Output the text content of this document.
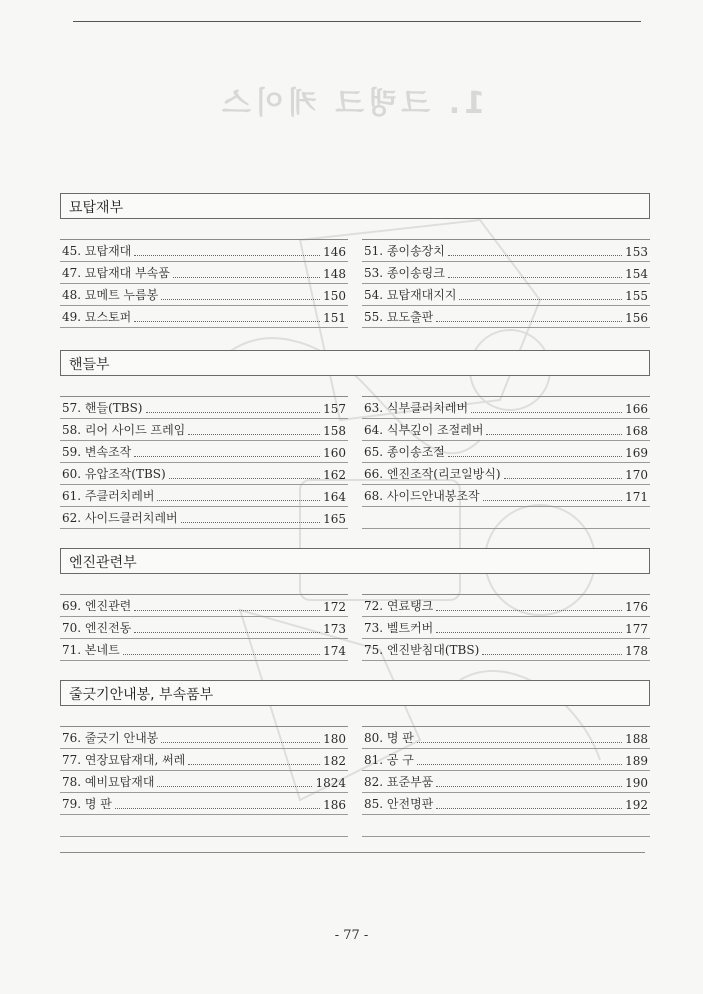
1. 크랭크 케이스
묘탑재부
45. 묘탑재대	146
47. 묘탑재대 부속품	148
48. 묘메트 누름봉	150
49. 묘스토퍼	151
51. 종이송장치	153
53. 종이송링크	154
54. 묘탑재대지지	155
55. 묘도출판	156
핸들부
57. 핸들(TBS)	157
58. 리어 사이드 프레임	158
59. 변속조작	160
60. 유압조작(TBS)	162
61. 주클러치레버	164
62. 사이드클러치레버	165
63. 식부클러치레버	166
64. 식부깊이 조절레버	168
65. 종이송조절	169
66. 엔진조작(리코일방식)	170
68. 사이드안내봉조작	171
엔진관련부
69. 엔진관련	172
70. 엔진전동	173
71. 본네트	174
72. 연료탱크	176
73. 벨트커버	177
75. 엔진받침대(TBS)	178
줄긋기안내봉, 부속품부
76. 줄긋기 안내봉	180
77. 연장묘탑재대, 써레	182
78. 예비묘탑재대	1824
79. 명 판	186
80. 명 판	188
81. 공 구	189
82. 표준부품	190
85. 안전명판	192
- 77 -
